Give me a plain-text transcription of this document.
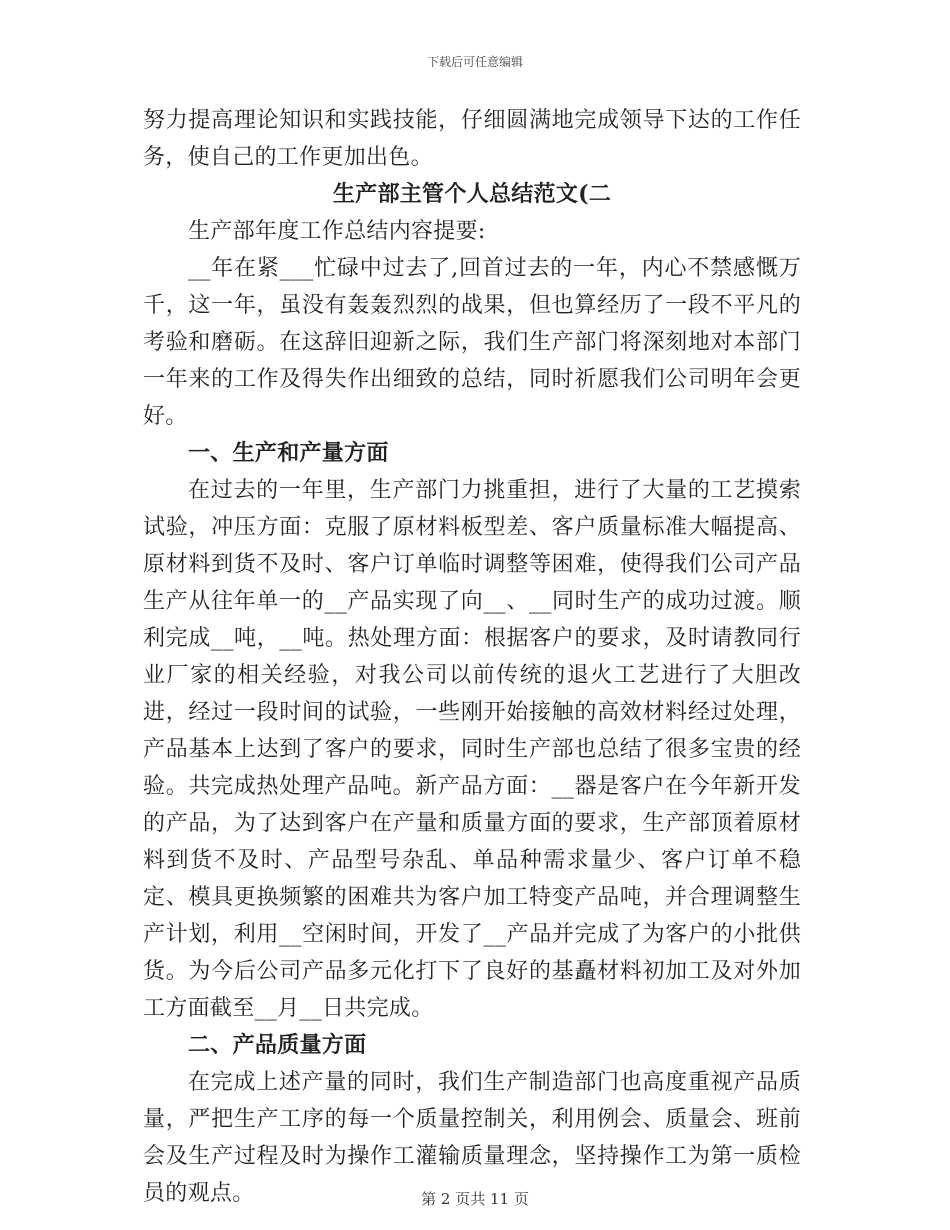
下载后可任意编辑

努力提高理论知识和实践技能，仔细圆满地完成领导下达的工作任务，使自己的工作更加出色。

生产部主管个人总结范文(二

生产部年度工作总结内容提要:

__年在紧___忙碌中过去了,回首过去的一年，内心不禁感慨万千，这一年，虽没有轰轰烈烈的战果，但也算经历了一段不平凡的考验和磨砺。在这辞旧迎新之际，我们生产部门将深刻地对本部门一年来的工作及得失作出细致的总结，同时祈愿我们公司明年会更好。

一、生产和产量方面

在过去的一年里，生产部门力挑重担，进行了大量的工艺摸索试验，冲压方面：克服了原材料板型差、客户质量标准大幅提高、原材料到货不及时、客户订单临时调整等困难，使得我们公司产品生产从往年单一的__产品实现了向__、__同时生产的成功过渡。顺利完成__吨，__吨。热处理方面：根据客户的要求，及时请教同行业厂家的相关经验，对我公司以前传统的退火工艺进行了大胆改进，经过一段时间的试验，一些刚开始接触的高效材料经过处理，产品基本上达到了客户的要求，同时生产部也总结了很多宝贵的经验。共完成热处理产品吨。新产品方面：__器是客户在今年新开发的产品，为了达到客户在产量和质量方面的要求，生产部顶着原材料到货不及时、产品型号杂乱、单品种需求量少、客户订单不稳定、模具更换频繁的困难共为客户加工特变产品吨，并合理调整生产计划，利用__空闲时间，开发了__产品并完成了为客户的小批供货。为今后公司产品多元化打下了良好的基矗材料初加工及对外加工方面截至__月__日共完成。

二、产品质量方面

在完成上述产量的同时，我们生产制造部门也高度重视产品质量，严把生产工序的每一个质量控制关，利用例会、质量会、班前会及生产过程及时为操作工灌输质量理念，坚持操作工为第一质检员的观点。	第 2 页共 11 页
